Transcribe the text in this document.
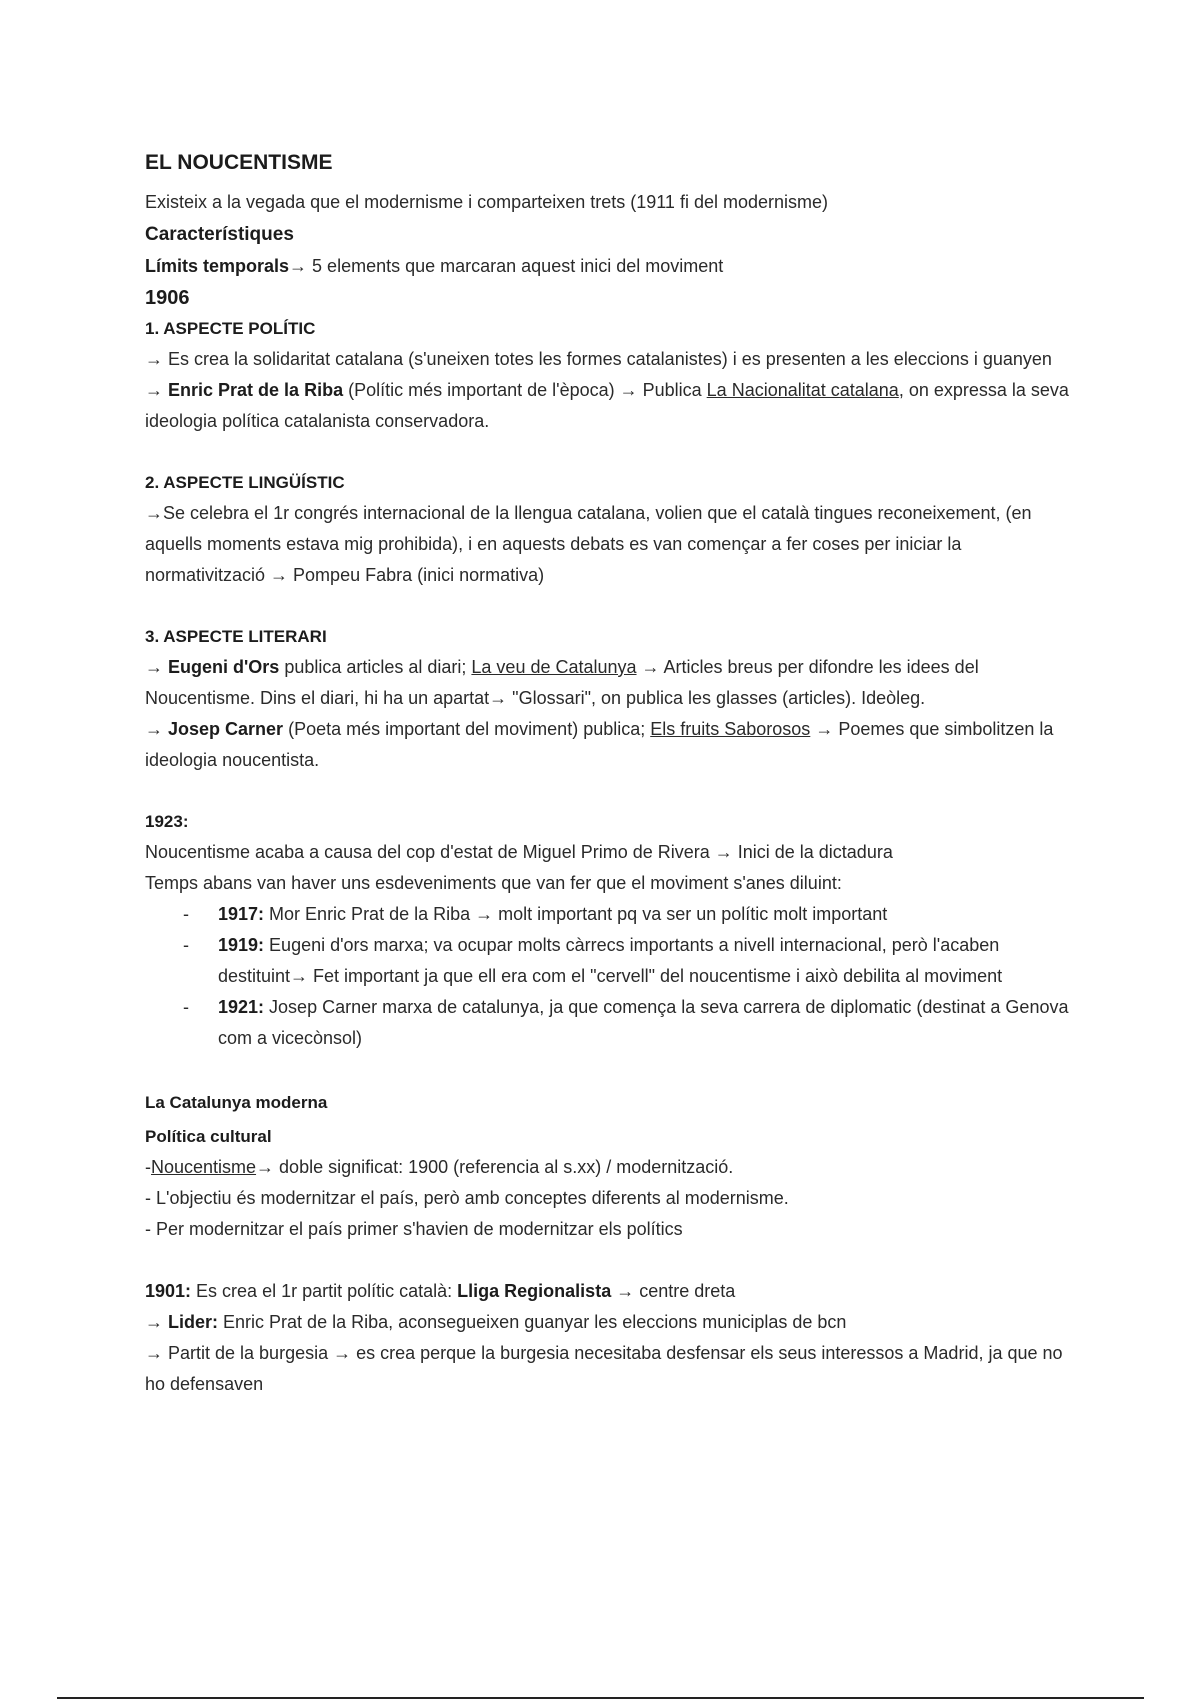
EL NOUCENTISME

Existeix a la vegada que el modernisme i comparteixen trets (1911 fi del modernisme)

Característiques

Límits temporals→ 5 elements que marcaran aquest inici del moviment

1906
1. ASPECTE POLÍTIC

→ Es crea la solidaritat catalana (s'uneixen totes les formes catalanistes) i es presenten a les eleccions i guanyen

→ Enric Prat de la Riba (Polític més important de l'època) → Publica La Nacionalitat catalana, on expressa la seva ideologia política catalanista conservadora.

2. ASPECTE LINGÜÍSTIC

→Se celebra el 1r congrés internacional de la llengua catalana, volien que el català tingues reconeixement, (en aquells moments estava mig prohibida), i en aquests debats es van començar a fer coses per iniciar la normativització → Pompeu Fabra (inici normativa)

3. ASPECTE LITERARI

→ Eugeni d'Ors publica articles al diari; La veu de Catalunya → Articles breus per difondre les idees del Noucentisme. Dins el diari, hi ha un apartat→ "Glossari", on publica les glasses (articles). Ideòleg.

→ Josep Carner (Poeta més important del moviment) publica; Els fruits Saborosos → Poemes que simbolitzen la ideologia noucentista.

1923:

Noucentisme acaba a causa del cop d'estat de Miguel Primo de Rivera → Inici de la dictadura

Temps abans van haver uns esdeveniments que van fer que el moviment s'anes diluint:

- 1917: Mor Enric Prat de la Riba → molt important pq va ser un polític molt important
- 1919: Eugeni d'ors marxa; va ocupar molts càrrecs importants a nivell internacional, però l'acaben destituint→ Fet important ja que ell era com el "cervell" del noucentisme i això debilita al moviment
- 1921: Josep Carner marxa de catalunya, ja que comença la seva carrera de diplomatic (destinat a Genova com a vicecònsol)
La Catalunya moderna
Política cultural

-Noucentisme→ doble significat: 1900 (referencia al s.xx) / modernització.

- L'objectiu és modernitzar el país, però amb conceptes diferents al modernisme.

- Per modernitzar el país primer s'havien de modernitzar els polítics

1901: Es crea el 1r partit polític català: Lliga Regionalista → centre dreta

→ Lider: Enric Prat de la Riba, aconsegueixen guanyar les eleccions municiplas de bcn

→ Partit de la burgesia → es crea perque la burgesia necesitaba desfensar els seus interessos a Madrid, ja que no ho defensaven
